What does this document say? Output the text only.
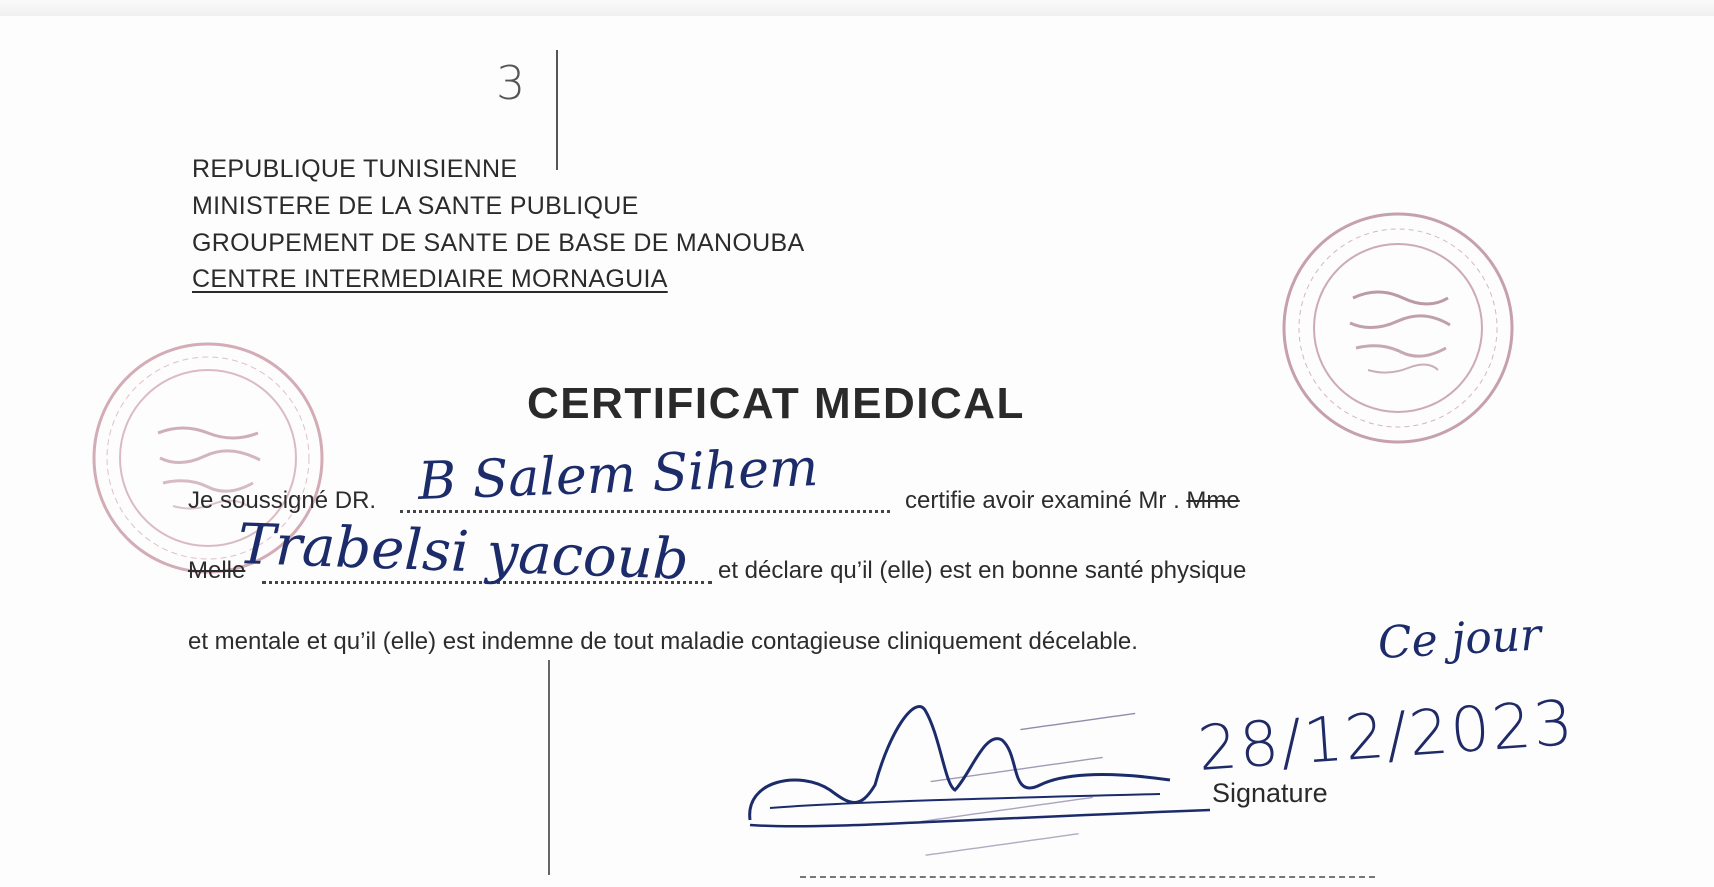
3
REPUBLIQUE TUNISIENNE
MINISTERE DE LA SANTE PUBLIQUE
GROUPEMENT DE SANTE DE BASE DE MANOUBA
CENTRE INTERMEDIAIRE MORNAGUIA
CERTIFICAT MEDICAL
Je soussigné DR.	certifie avoir examiné Mr . Mme
B Salem Sihem
Melle	et déclare qu’il (elle) est en bonne santé physique
Trabelsi yacoub
et mentale et qu’il (elle) est indemne de tout maladie contagieuse cliniquement décelable.	Ce jour
────────────
──────────────────
──────────────────
────────────────
28/12/2023
Signature
